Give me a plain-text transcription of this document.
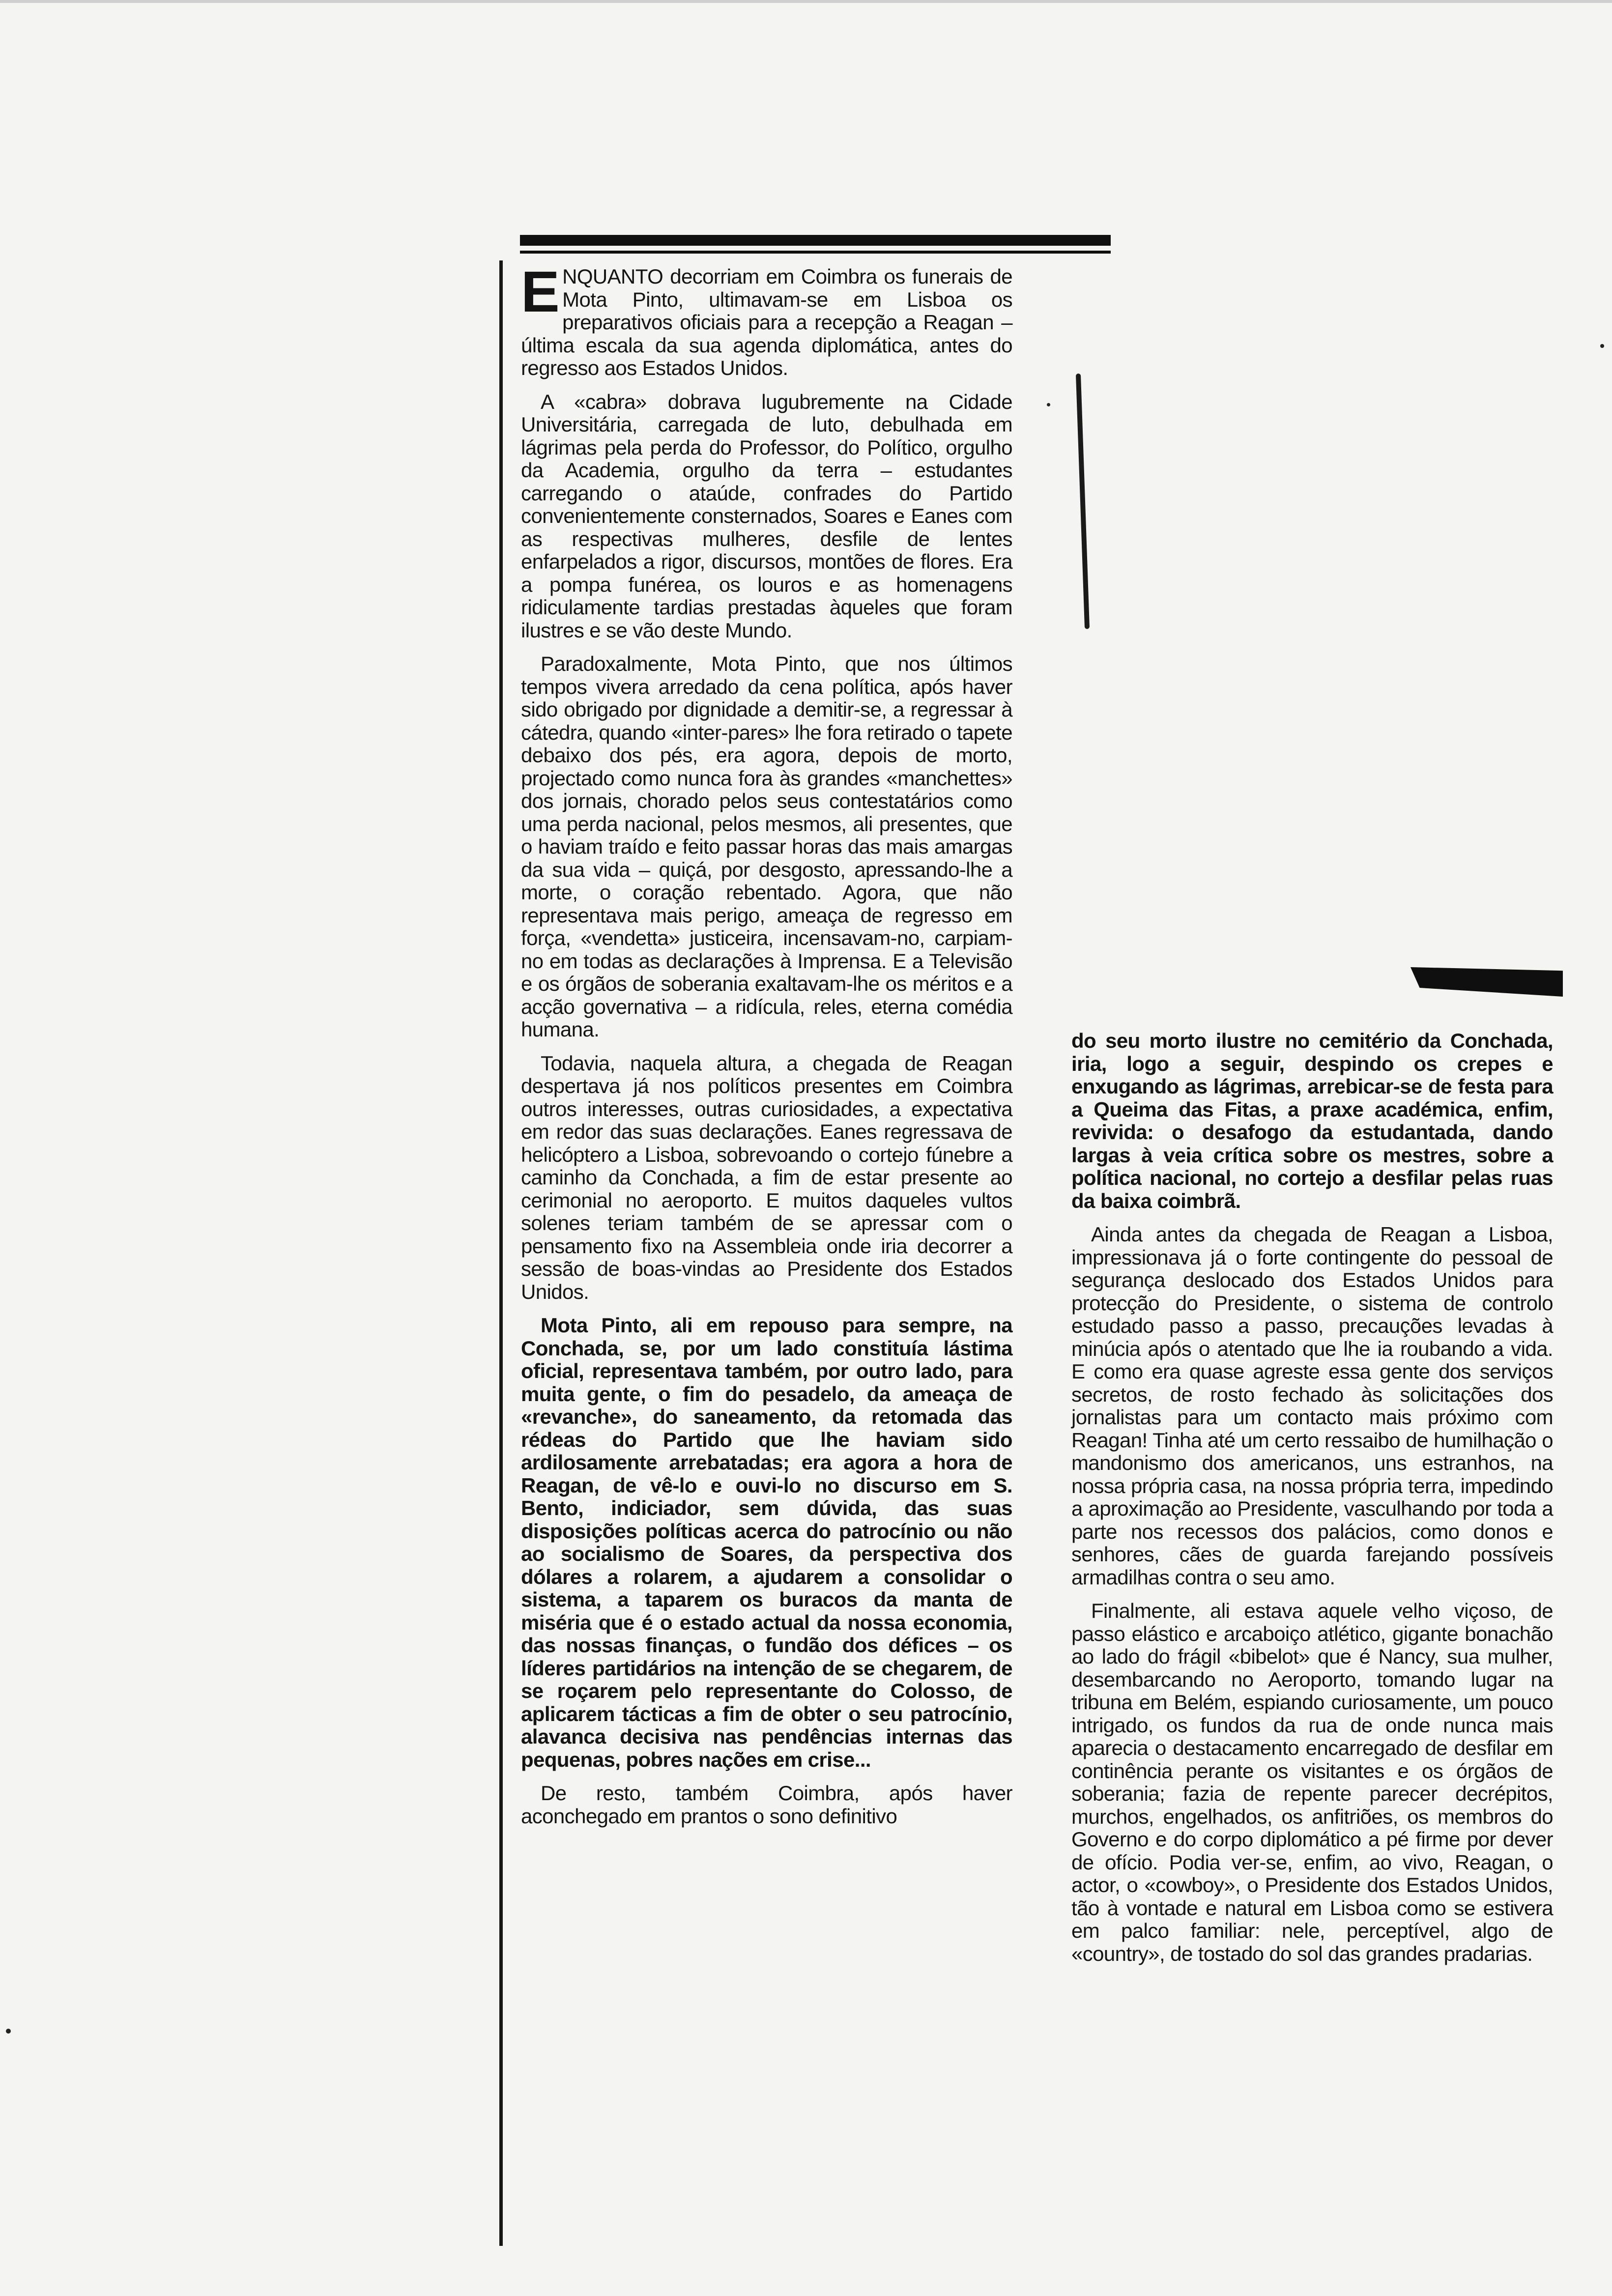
ENQUANTO decorriam em Coimbra os funerais de Mota Pinto, ultimavam-se em Lisboa os preparativos oficiais para a recepção a Reagan – última escala da sua agenda diplomática, antes do regresso aos Estados Unidos.

A «cabra» dobrava lugubremente na Cidade Universitária, carregada de luto, debulhada em lágrimas pela perda do Professor, do Político, orgulho da Academia, orgulho da terra – estudantes carregando o ataúde, confrades do Partido convenientemente consternados, Soares e Eanes com as respectivas mulheres, desfile de lentes enfarpelados a rigor, discursos, montões de flores. Era a pompa funérea, os louros e as homenagens ridiculamente tardias prestadas àqueles que foram ilustres e se vão deste Mundo.

Paradoxalmente, Mota Pinto, que nos últimos tempos vivera arredado da cena política, após haver sido obrigado por dignidade a demitir-se, a regressar à cátedra, quando «inter-pares» lhe fora retirado o tapete debaixo dos pés, era agora, depois de morto, projectado como nunca fora às grandes «manchettes» dos jornais, chorado pelos seus contestatários como uma perda nacional, pelos mesmos, ali presentes, que o haviam traído e feito passar horas das mais amargas da sua vida – quiçá, por desgosto, apressando-lhe a morte, o coração rebentado. Agora, que não representava mais perigo, ameaça de regresso em força, «vendetta» justiceira, incensavam-no, carpiam-no em todas as declarações à Imprensa. E a Televisão e os órgãos de soberania exaltavam-lhe os méritos e a acção governativa – a ridícula, reles, eterna comédia humana.

Todavia, naquela altura, a chegada de Reagan despertava já nos políticos presentes em Coimbra outros interesses, outras curiosidades, a expectativa em redor das suas declarações. Eanes regressava de helicóptero a Lisboa, sobrevoando o cortejo fúnebre a caminho da Conchada, a fim de estar presente ao cerimonial no aeroporto. E muitos daqueles vultos solenes teriam também de se apressar com o pensamento fixo na Assembleia onde iria decorrer a sessão de boas-vindas ao Presidente dos Estados Unidos.

Mota Pinto, ali em repouso para sempre, na Conchada, se, por um lado constituía lástima oficial, representava também, por outro lado, para muita gente, o fim do pesadelo, da ameaça de «revanche», do saneamento, da retomada das rédeas do Partido que lhe haviam sido ardilosamente arrebatadas; era agora a hora de Reagan, de vê-lo e ouvi-lo no discurso em S. Bento, indiciador, sem dúvida, das suas disposições políticas acerca do patrocínio ou não ao socialismo de Soares, da perspectiva dos dólares a rolarem, a ajudarem a consolidar o sistema, a taparem os buracos da manta de miséria que é o estado actual da nossa economia, das nossas finanças, o fundão dos défices – os líderes partidários na intenção de se chegarem, de se roçarem pelo representante do Colosso, de aplicarem tácticas a fim de obter o seu patrocínio, alavanca decisiva nas pendências internas das pequenas, pobres nações em crise...

De resto, também Coimbra, após haver aconchegado em prantos o sono definitivo

do seu morto ilustre no cemitério da Conchada, iria, logo a seguir, despindo os crepes e enxugando as lágrimas, arrebicar-se de festa para a Queima das Fitas, a praxe académica, enfim, revivida: o desafogo da estudantada, dando largas à veia crítica sobre os mestres, sobre a política nacional, no cortejo a desfilar pelas ruas da baixa coimbrã.

Ainda antes da chegada de Reagan a Lisboa, impressionava já o forte contingente do pessoal de segurança deslocado dos Estados Unidos para protecção do Presidente, o sistema de controlo estudado passo a passo, precauções levadas à minúcia após o atentado que lhe ia roubando a vida. E como era quase agreste essa gente dos serviços secretos, de rosto fechado às solicitações dos jornalistas para um contacto mais próximo com Reagan! Tinha até um certo ressaibo de humilhação o mandonismo dos americanos, uns estranhos, na nossa própria casa, na nossa própria terra, impedindo a aproximação ao Presidente, vasculhando por toda a parte nos recessos dos palácios, como donos e senhores, cães de guarda farejando possíveis armadilhas contra o seu amo.

Finalmente, ali estava aquele velho viçoso, de passo elástico e arcaboiço atlético, gigante bonachão ao lado do frágil «bibelot» que é Nancy, sua mulher, desembarcando no Aeroporto, tomando lugar na tribuna em Belém, espiando curiosamente, um pouco intrigado, os fundos da rua de onde nunca mais aparecia o destacamento encarregado de desfilar em continência perante os visitantes e os órgãos de soberania; fazia de repente parecer decrépitos, murchos, engelhados, os anfitriões, os membros do Governo e do corpo diplomático a pé firme por dever de ofício. Podia ver-se, enfim, ao vivo, Reagan, o actor, o «cowboy», o Presidente dos Estados Unidos, tão à vontade e natural em Lisboa como se estivera em palco familiar: nele, perceptível, algo de «country», de tostado do sol das grandes pradarias.
